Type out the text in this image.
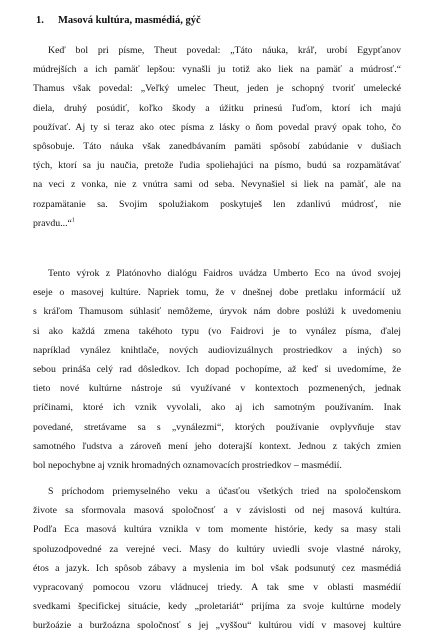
1. Masová kultúra, masmédiá, gýč
Keď bol pri písme, Theut povedal: „Táto náuka, kráľ, urobí Egypťanov
múdrejších a ich pamäť lepšou: vynašli ju totiž ako liek na pamäť a múdrosť.“
Thamus však povedal: „Veľký umelec Theut, jeden je schopný tvoriť umelecké
diela, druhý posúdiť, koľko škody a úžitku prinesú ľuďom, ktorí ich majú
používať. Aj ty si teraz ako otec písma z lásky o ňom povedal pravý opak toho, čo
spôsobuje. Táto náuka však zanedbávaním pamäti spôsobí zabúdanie v dušiach
tých, ktorí sa ju naučia, pretože ľudia spoliehajúci na písmo, budú sa rozpamätávať
na veci z vonka, nie z vnútra sami od seba. Nevynašiel si liek na pamäť, ale na
rozpamätanie sa. Svojim spolužiakom poskytuješ len zdanlivú múdrosť, nie
pravdu...“$^1$
Tento výrok z Platónovho dialógu Faidros uvádza Umberto Eco na úvod svojej
eseje o masovej kultúre. Napriek tomu, že v dnešnej dobe pretlaku informácií už
s kráľom Thamusom súhlasiť nemôžeme, úryvok nám dobre poslúži k uvedomeniu
si ako každá zmena takéhoto typu (vo Faidrovi je to vynález písma, ďalej
napríklad vynález knihtlače, nových audiovizuálnych prostriedkov a iných) so
sebou prináša celý rad dôsledkov. Ich dopad pochopíme, až keď si uvedomíme, že
tieto nové kultúrne nástroje sú využívané v kontextoch pozmenených, jednak
príčinami, ktoré ich vznik vyvolali, ako aj ich samotným používaním. Inak
povedané, stretávame sa s „vynálezmi“, ktorých používanie ovplyvňuje stav
samotného ľudstva a zároveň mení jeho doterajší kontext. Jednou z takých zmien
bol nepochybne aj vznik hromadných oznamovacích prostriedkov – masmédií.
S príchodom priemyselného veku a účasťou všetkých tried na spoločenskom
živote sa sformovala masová spoločnosť a v závislosti od nej masová kultúra.
Podľa Eca masová kultúra vznikla v tom momente histórie, kedy sa masy stali
spoluzodpovedné za verejné veci. Masy do kultúry uviedli svoje vlastné nároky,
étos a jazyk. Ich spôsob zábavy a myslenia im bol však podsunutý cez masmédiá
vypracovaný pomocou vzoru vládnucej triedy. A tak sme v oblasti masmédií
svedkami špecifickej situácie, kedy „proletariát“ prijíma za svoje kultúrne modely
buržoázie a buržoázna spoločnosť s jej „vyššou“ kultúrou vidí v masovej kultúre
